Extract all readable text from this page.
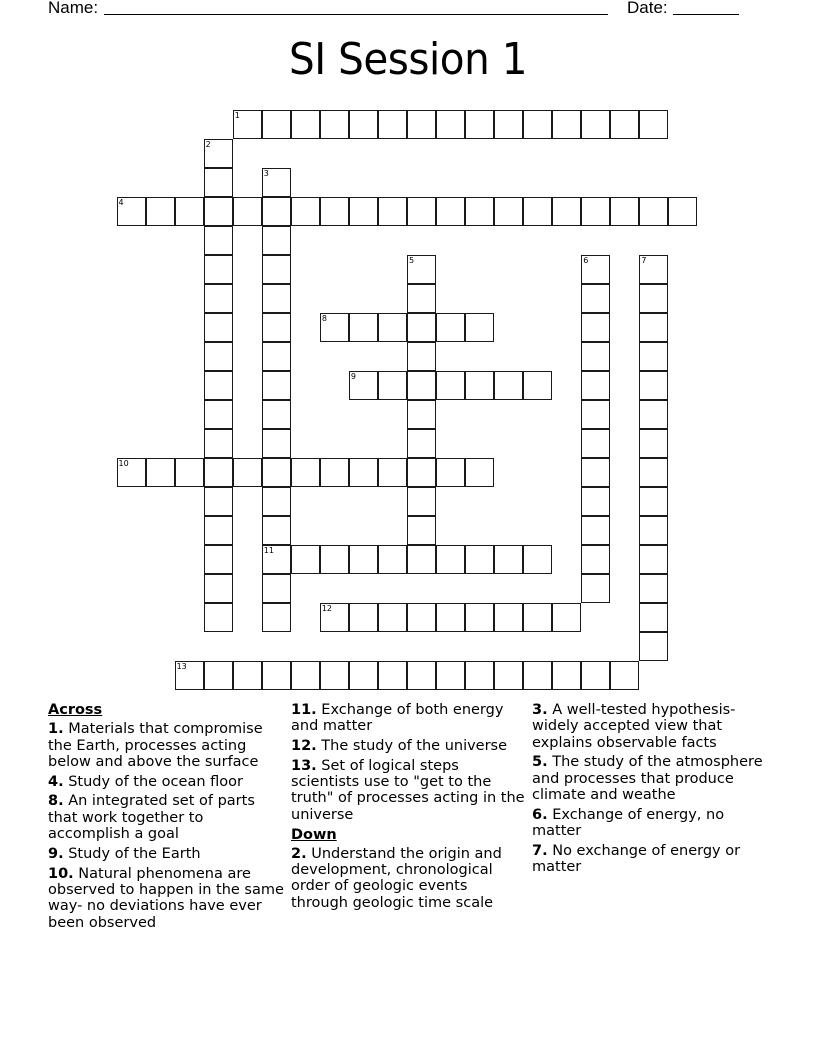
Name:	Date:
SI Session 1
1
2
3
11
4
5	6	7
8
9
10
12
13
Across
1. Materials that compromise the Earth, processes acting below and above the surface
4. Study of the ocean floor
8. An integrated set of parts that work together to accomplish a goal
9. Study of the Earth
10. Natural phenomena are observed to happen in the same way- no deviations have ever been observed
11. Exchange of both energy and matter
12. The study of the universe
13. Set of logical steps scientists use to "get to the truth" of processes acting in the universe
Down
2. Understand the origin and development, chronological order of geologic events through geologic time scale
3. A well-tested hypothesis- widely accepted view that explains observable facts
5. The study of the atmosphere and processes that produce climate and weathe
6. Exchange of energy, no matter
7. No exchange of energy or matter
